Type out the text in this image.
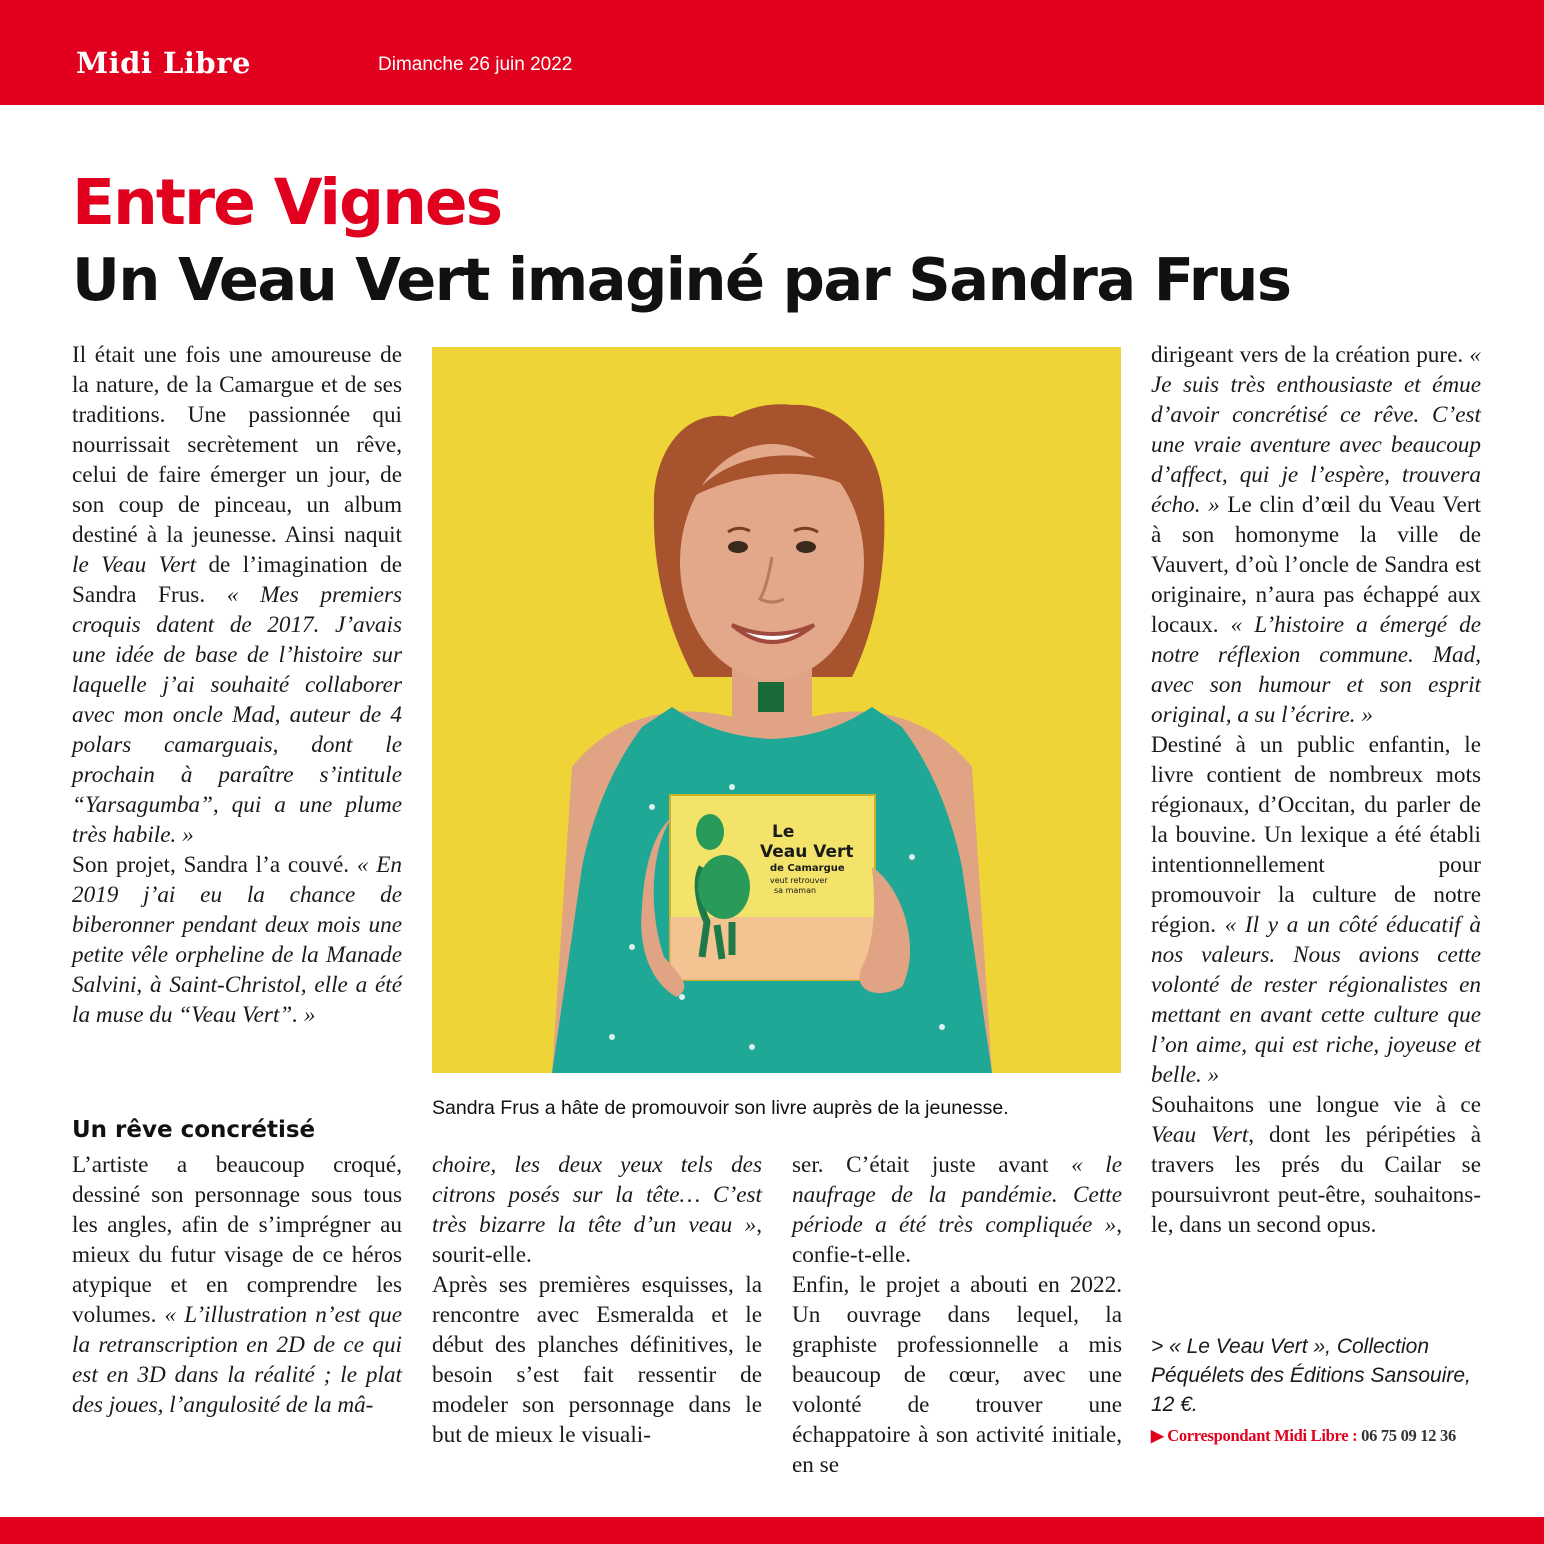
Midi Libre	Dimanche 26 juin 2022
Entre Vignes
Un Veau Vert imaginé par Sandra Frus

Il était une fois une amoureuse de la nature, de la Camargue et de ses traditions. Une passionnée qui nourrissait secrètement un rêve, celui de faire émerger un jour, de son coup de pinceau, un album destiné à la jeunesse. Ainsi naquit le Veau Vert de l’imagination de Sandra Frus. « Mes premiers croquis datent de 2017. J’avais une idée de base de l’histoire sur laquelle j’ai souhaité collaborer avec mon oncle Mad, auteur de 4 polars camarguais, dont le prochain à paraître s’intitule “Yarsagumba”, qui a une plume très habile. »

Son projet, Sandra l’a couvé. « En 2019 j’ai eu la chance de biberonner pendant deux mois une petite vêle orpheline de la Manade Salvini, à Saint-Christol, elle a été la muse du “Veau Vert”. »

Un rêve concrétisé

L’artiste a beaucoup croqué, dessiné son personnage sous tous les angles, afin de s’imprégner au mieux du futur visage de ce héros atypique et en comprendre les volumes. « L’illustration n’est que la retranscription en 2D de ce qui est en 3D dans la réalité ; le plat des joues, l’angulosité de la mâ-

choire, les deux yeux tels des citrons posés sur la tête… C’est très bizarre la tête d’un veau », sourit-elle.

Après ses premières esquisses, la rencontre avec Esmeralda et le début des planches définitives, le besoin s’est fait ressentir de modeler son personnage dans le but de mieux le visuali-

ser. C’était juste avant « le naufrage de la pandémie. Cette période a été très compliquée », confie-t-elle.

Enfin, le projet a abouti en 2022. Un ouvrage dans lequel, la graphiste professionnelle a mis beaucoup de cœur, avec une volonté de trouver une échappatoire à son activité initiale, en se

dirigeant vers de la création pure. « Je suis très enthousiaste et émue d’avoir concrétisé ce rêve. C’est une vraie aventure avec beaucoup d’affect, qui je l’espère, trouvera écho. » Le clin d’œil du Veau Vert à son homonyme la ville de Vauvert, d’où l’oncle de Sandra est originaire, n’aura pas échappé aux locaux. « L’histoire a émergé de notre réflexion commune. Mad, avec son humour et son esprit original, a su l’écrire. »

Destiné à un public enfantin, le livre contient de nombreux mots régionaux, d’Occitan, du parler de la bouvine. Un lexique a été établi intentionnellement pour promouvoir la culture de notre région. « Il y a un côté éducatif à nos valeurs. Nous avions cette volonté de rester régionalistes en mettant en avant cette culture que l’on aime, qui est riche, joyeuse et belle. »

Souhaitons une longue vie à ce Veau Vert, dont les péripéties à travers les prés du Cailar se poursuivront peut-être, souhaitons-le, dans un second opus.

Le
Veau Vert
de Camargue
veut retrouver
sa maman
Sandra Frus a hâte de promouvoir son livre auprès de la jeunesse.
> « Le Veau Vert », Collection Péquélets des Éditions Sansouire, 12 €.
▶ Correspondant Midi Libre : 06 75 09 12 36
